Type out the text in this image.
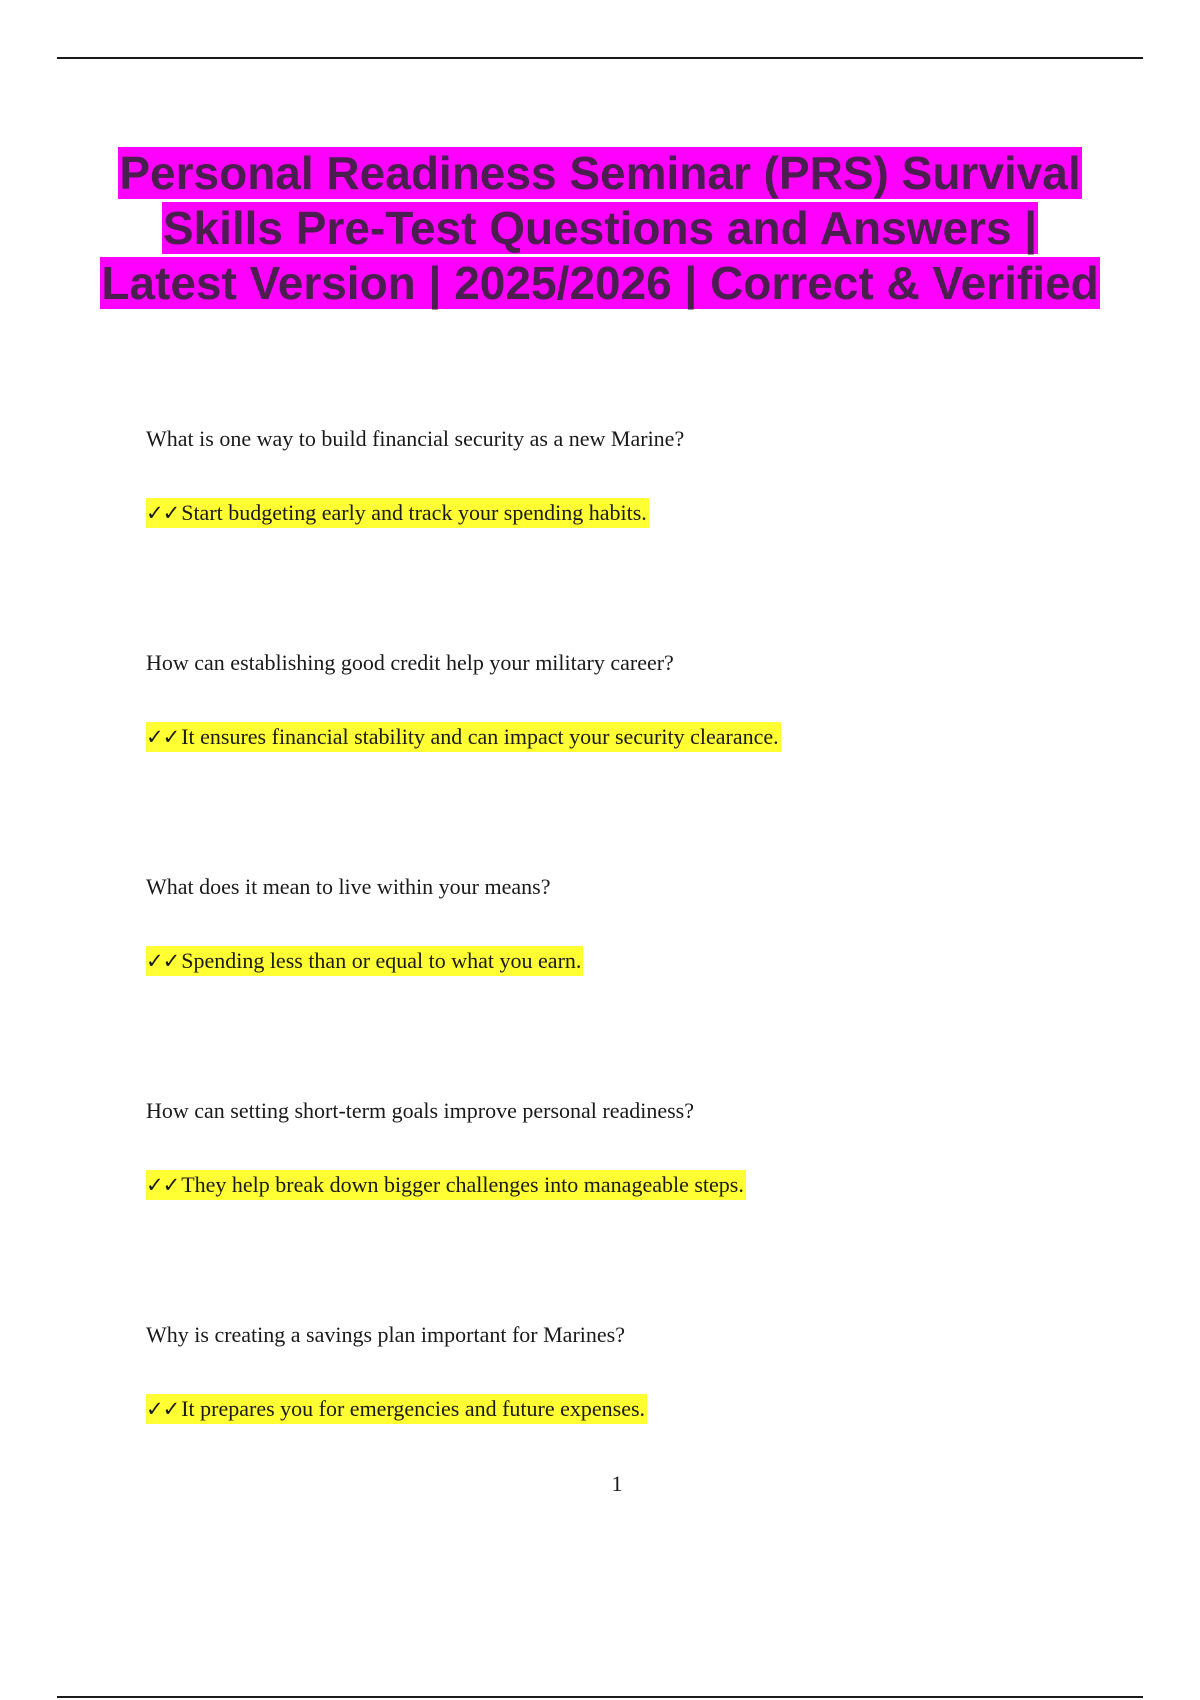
Personal Readiness Seminar (PRS) Survival Skills Pre-Test Questions and Answers | Latest Version | 2025/2026 | Correct & Verified

What is one way to build financial security as a new Marine?

✓✓Start budgeting early and track your spending habits.

How can establishing good credit help your military career?

✓✓It ensures financial stability and can impact your security clearance.

What does it mean to live within your means?

✓✓Spending less than or equal to what you earn.

How can setting short-term goals improve personal readiness?

✓✓They help break down bigger challenges into manageable steps.

Why is creating a savings plan important for Marines?

✓✓It prepares you for emergencies and future expenses.

1
